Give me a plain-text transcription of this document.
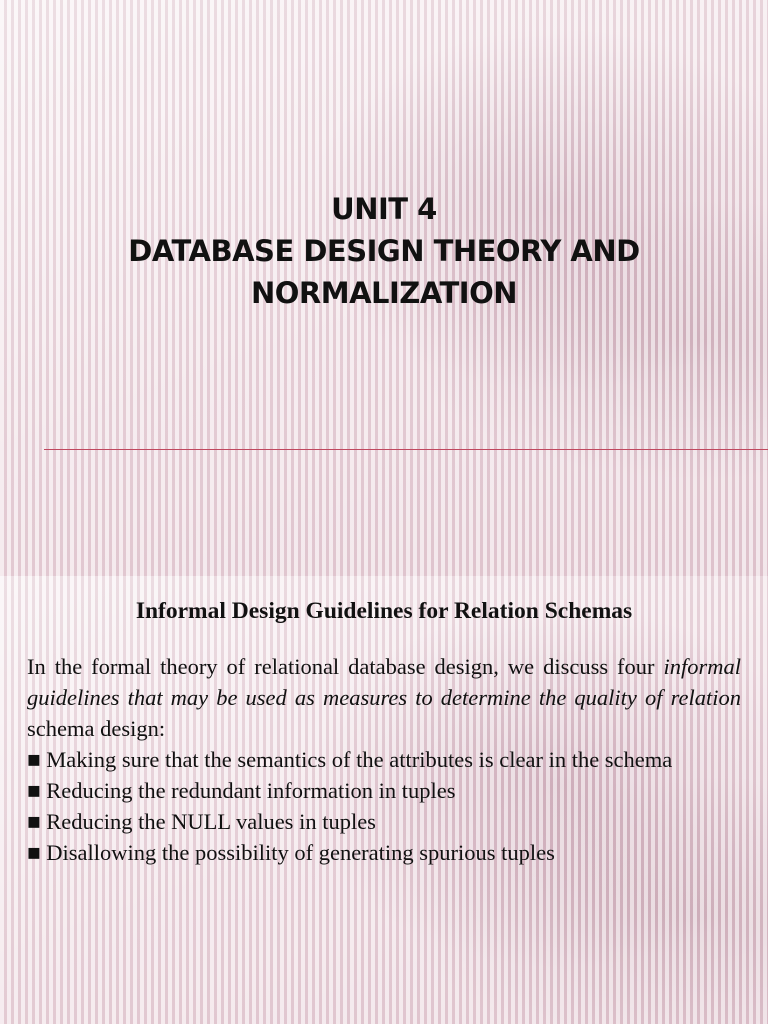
UNIT 4
DATABASE DESIGN THEORY AND
NORMALIZATION
Informal Design Guidelines for Relation Schemas
In the formal theory of relational database design, we discuss four informal guidelines that may be used as measures to determine the quality of relation schema design:
■ Making sure that the semantics of the attributes is clear in the schema
■ Reducing the redundant information in tuples
■ Reducing the NULL values in tuples
■ Disallowing the possibility of generating spurious tuples
